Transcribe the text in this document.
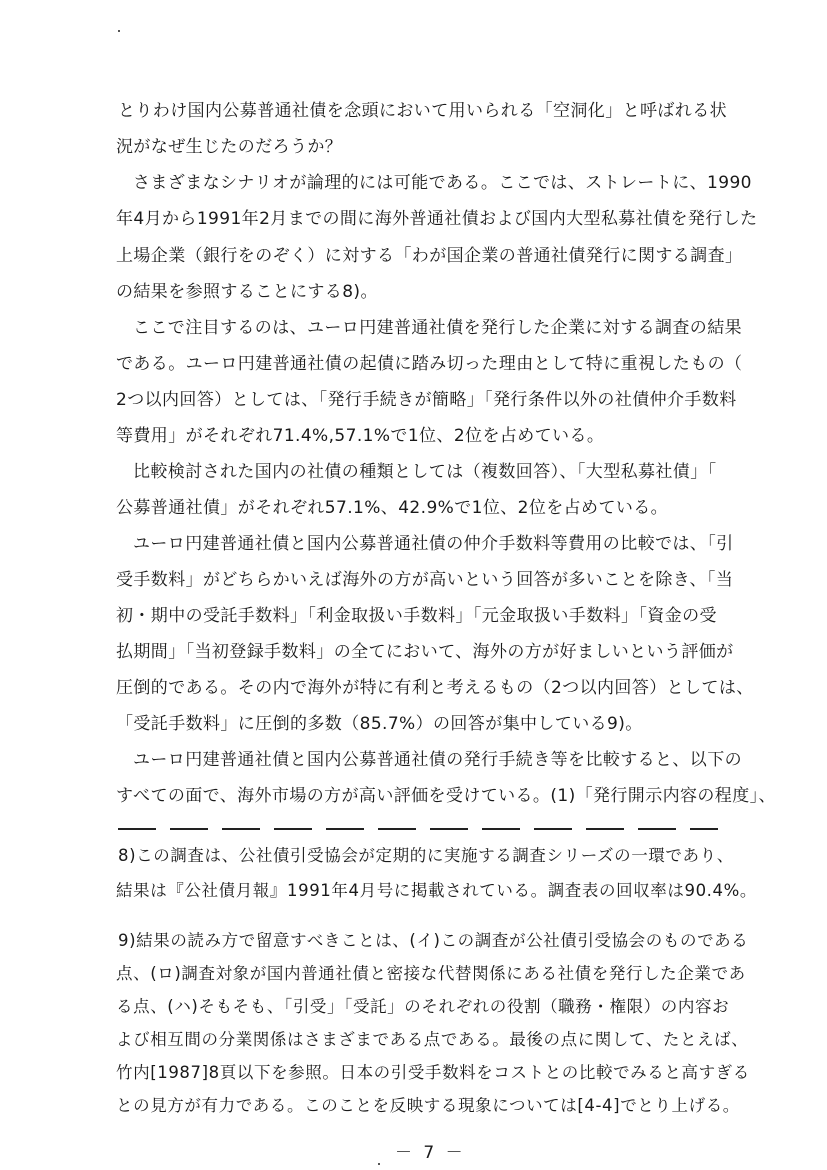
とりわけ国内公募普通社債を念頭において用いられる「空洞化」と呼ばれる状
況がなぜ生じたのだろうか？
さまざまなシナリオが論理的には可能である。ここでは、ストレートに、1990
年4月から1991年2月までの間に海外普通社債および国内大型私募社債を発行した
上場企業（銀行をのぞく）に対する「わが国企業の普通社債発行に関する調査」
の結果を参照することにする8)。
ここで注目するのは、ユーロ円建普通社債を発行した企業に対する調査の結果
である。ユーロ円建普通社債の起債に踏み切った理由として特に重視したもの（
2つ以内回答）としては、「発行手続きが簡略」「発行条件以外の社債仲介手数料
等費用」がそれぞれ71.4%,57.1%で1位、2位を占めている。
比較検討された国内の社債の種類としては（複数回答）、「大型私募社債」「
公募普通社債」がそれぞれ57.1%、42.9%で1位、2位を占めている。
ユーロ円建普通社債と国内公募普通社債の仲介手数料等費用の比較では、「引
受手数料」がどちらかいえば海外の方が高いという回答が多いことを除き、「当
初・期中の受託手数料」「利金取扱い手数料」「元金取扱い手数料」「資金の受
払期間」「当初登録手数料」の全てにおいて、海外の方が好ましいという評価が
圧倒的である。その内で海外が特に有利と考えるもの（2つ以内回答）としては、
「受託手数料」に圧倒的多数（85.7%）の回答が集中している9)。
ユーロ円建普通社債と国内公募普通社債の発行手続き等を比較すると、以下の
すべての面で、海外市場の方が高い評価を受けている。(1)「発行開示内容の程度」、
8)この調査は、公社債引受協会が定期的に実施する調査シリーズの一環であり、
結果は『公社債月報』1991年4月号に掲載されている。調査表の回収率は90.4%。
9)結果の読み方で留意すべきことは、(イ)この調査が公社債引受協会のものである
点、(ロ)調査対象が国内普通社債と密接な代替関係にある社債を発行した企業であ
る点、(ハ)そもそも、「引受」「受託」のそれぞれの役割（職務・権限）の内容お
よび相互間の分業関係はさまざまである点である。最後の点に関して、たとえば、
竹内[1987]8頁以下を参照。日本の引受手数料をコストとの比較でみると高すぎる
との見方が有力である。このことを反映する現象については[4-4]でとり上げる。
－ 7 －
